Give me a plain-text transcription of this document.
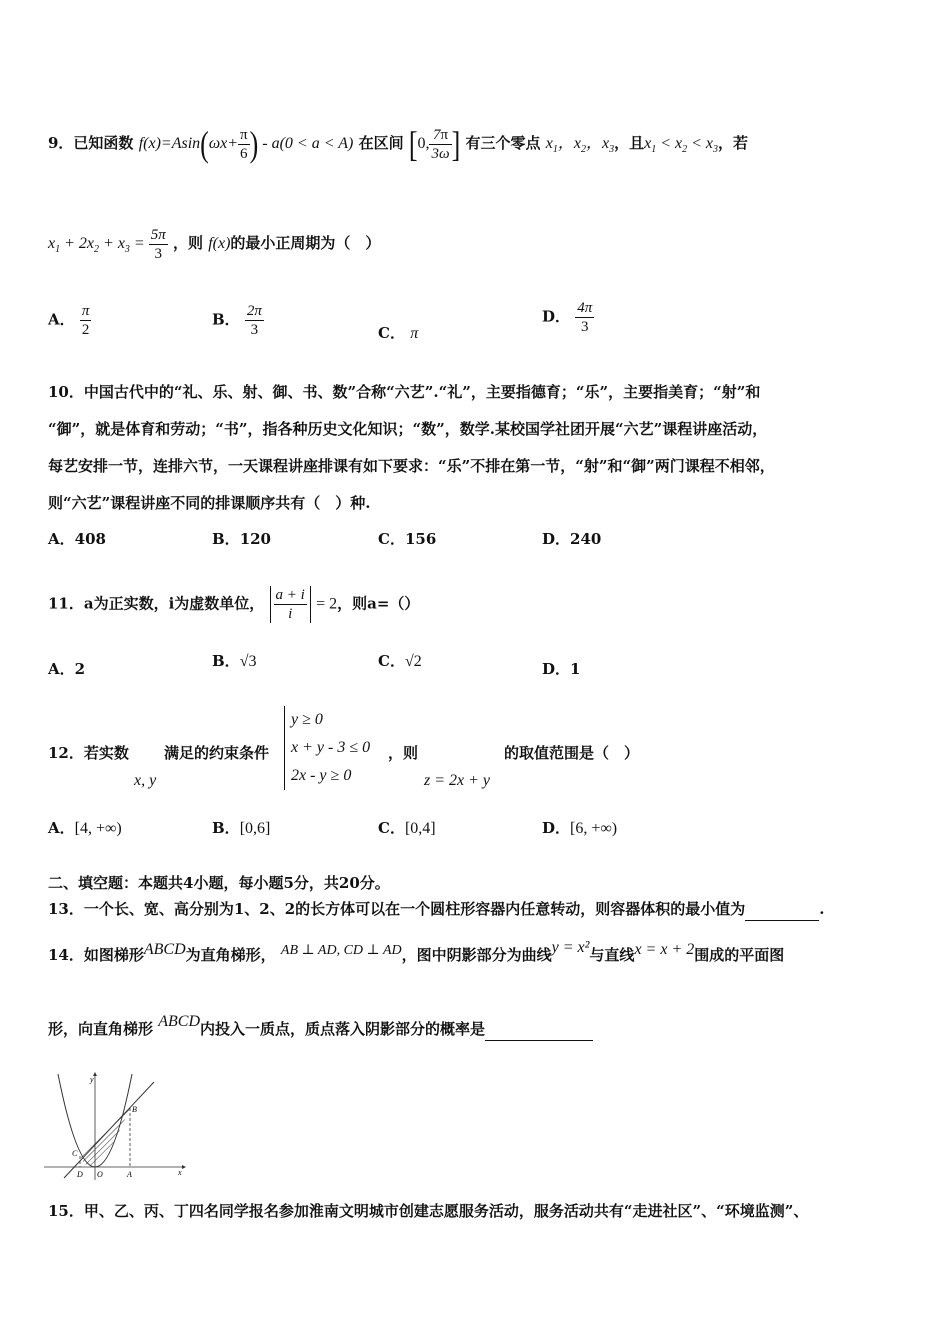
9．已知函数 $f(x)=Asin(\omega x+ \frac{\pi}{6}$ ) - a(0 < a < A) 在区间 [0, $\frac{7\pi}{3\omega}$ ] 有三个零点 $x_1$，$x_2$，$x_3$，且$x_1 < x_2 < x_3$，若
$x_1 + 2x_2 + x_3 = \frac{5\pi}{3}$ ，则 f(x)的最小正周期为（　）
A． $\frac{\pi}{2}$	B． $\frac{2\pi}{3}$	C． π
D． $\frac{4\pi}{3}$
10．中国古代中的“礼、乐、射、御、书、数”合称“六艺”.“礼”，主要指德育；“乐”，主要指美育；“射”和
“御”，就是体育和劳动；“书”，指各种历史文化知识；“数”，数学.某校国学社团开展“六艺”课程讲座活动，
每艺安排一节，连排六节，一天课程讲座排课有如下要求：“乐”不排在第一节，“射”和“御”两门课程不相邻，
则“六艺”课程讲座不同的排课顺序共有（　）种.
A．408	B．120	C．156	D．240
11．a为正实数，i为虚数单位， $\frac{a + i}{i} = 2$，则a=（）
A．2	B．√3	C．√2	D．1
12．若实数
x, y
满足的约束条件
y ≥ 0
x + y - 3 ≤ 0
2x - y ≥ 0
，则
z = 2x + y
的取值范围是（　）
A．[4, +∞)	B．[0,6]	C．[0,4]	D．[6, +∞)
二、填空题：本题共4小题，每小题5分，共20分。
13．一个长、宽、高分别为1、2、2的长方体可以在一个圆柱形容器内任意转动，则容器体积的最小值为	.
14．如图梯形ABCD为直角梯形， AB ⊥ AD, CD ⊥ AD，图中阴影部分为曲线y = x²与直线x = x + 2围成的平面图
形，向直角梯形 ABCD内投入一质点，质点落入阴影部分的概率是
y
x
B
C
D O	A
15．甲、乙、丙、丁四名同学报名参加淮南文明城市创建志愿服务活动，服务活动共有“走进社区”、“环境监测”、
